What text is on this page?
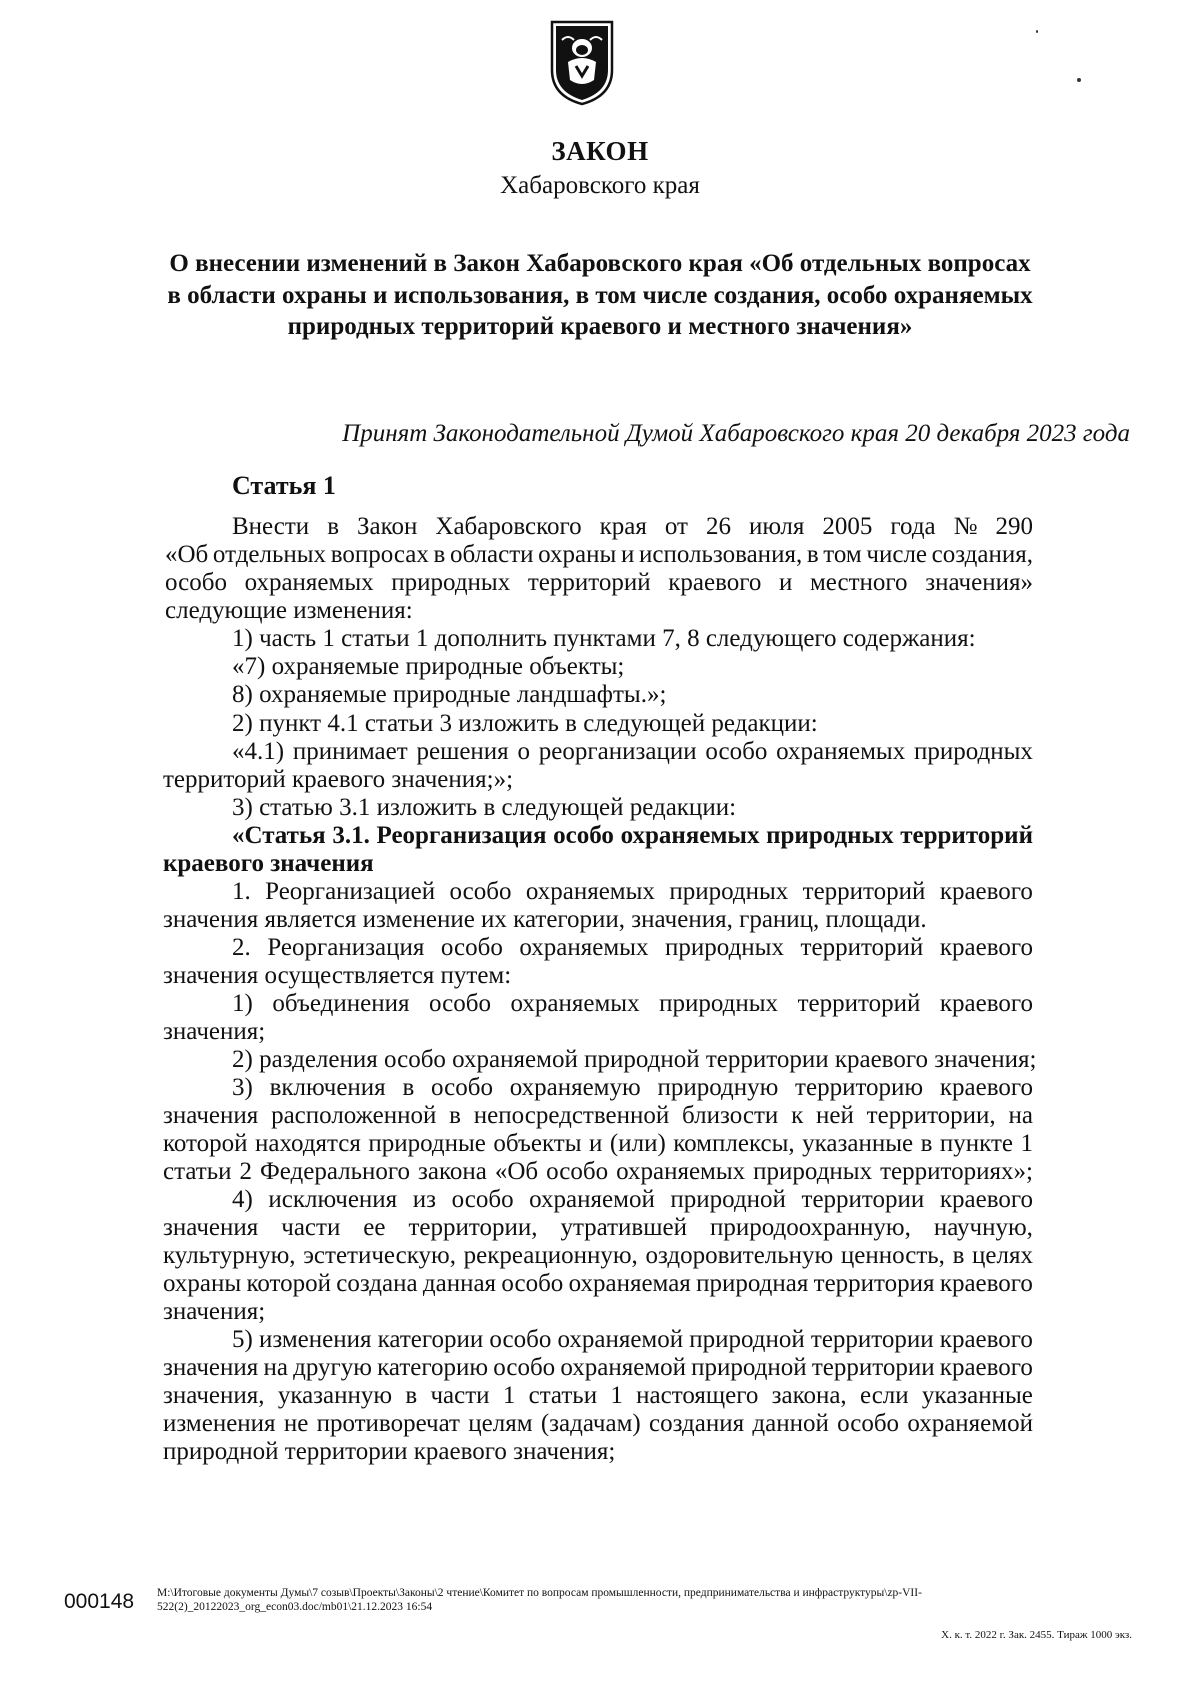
ЗАКОН
Хабаровского края
О внесении изменений в Закон Хабаровского края «Об отдельных вопросах
в области охраны и использования, в том числе создания, особо охраняемых
природных территорий краевого и местного значения»
Принят Законодательной Думой Хабаровского края 20 декабря 2023 года
Статья 1
Внести в Закон Хабаровского края от 26 июля 2005 года № 290
«Об отдельных вопросах в области охраны и использования, в том числе создания,
особо охраняемых природных территорий краевого и местного значения»
следующие изменения:
1) часть 1 статьи 1 дополнить пунктами 7, 8 следующего содержания:
«7) охраняемые природные объекты;
8) охраняемые природные ландшафты.»;
2) пункт 4.1 статьи 3 изложить в следующей редакции:
«4.1) принимает решения о реорганизации особо охраняемых природных
территорий краевого значения;»;
3) статью 3.1 изложить в следующей редакции:
«Статья 3.1. Реорганизация особо охраняемых природных территорий
краевого значения
1. Реорганизацией особо охраняемых природных территорий краевого
значения является изменение их категории, значения, границ, площади.
2. Реорганизация особо охраняемых природных территорий краевого
значения осуществляется путем:
1) объединения особо охраняемых природных территорий краевого
значения;
2) разделения особо охраняемой природной территории краевого значения;
3) включения в особо охраняемую природную территорию краевого
значения расположенной в непосредственной близости к ней территории, на
которой находятся природные объекты и (или) комплексы, указанные в пункте 1
статьи 2 Федерального закона «Об особо охраняемых природных территориях»;
4) исключения из особо охраняемой природной территории краевого
значения части ее территории, утратившей природоохранную, научную,
культурную, эстетическую, рекреационную, оздоровительную ценность, в целях
охраны которой создана данная особо охраняемая природная территория краевого
значения;
5) изменения категории особо охраняемой природной территории краевого
значения на другую категорию особо охраняемой природной территории краевого
значения, указанную в части 1 статьи 1 настоящего закона, если указанные
изменения не противоречат целям (задачам) создания данной особо охраняемой
природной территории краевого значения;
000148 M:\Итоговые документы Думы\7 созыв\Проекты\Законы\2 чтение\Комитет по вопросам промышленности, предпринимательства и инфраструктуры\zp-VII-
522(2)_20122023_org_econ03.doc/mb01\21.12.2023 16:54
Х. к. т. 2022 г. Зак. 2455. Тираж 1000 экз.
